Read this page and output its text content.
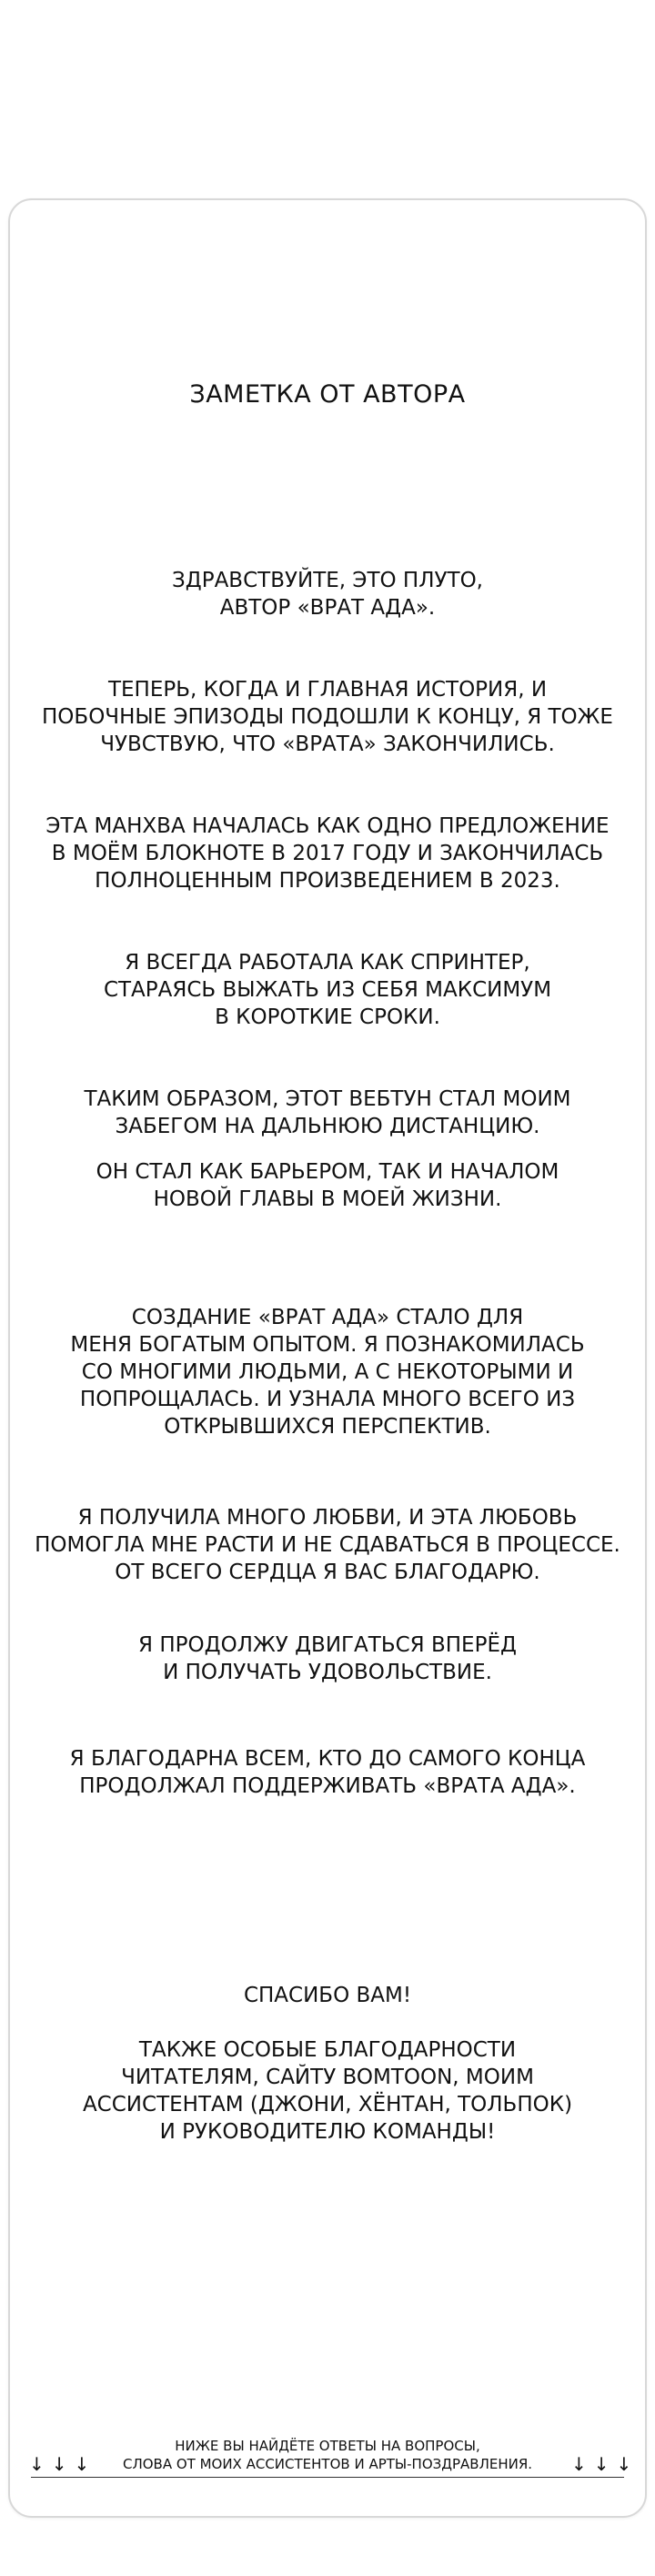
ЗАМЕТКА ОТ АВТОРА
ЗДРАВСТВУЙТЕ, ЭТО ПЛУТО,
АВТОР «ВРАТ АДА».
ТЕПЕРЬ, КОГДА И ГЛАВНАЯ ИСТОРИЯ, И
ПОБОЧНЫЕ ЭПИЗОДЫ ПОДОШЛИ К КОНЦУ, Я ТОЖЕ
ЧУВСТВУЮ, ЧТО «ВРАТА» ЗАКОНЧИЛИСЬ.
ЭТА МАНХВА НАЧАЛАСЬ КАК ОДНО ПРЕДЛОЖЕНИЕ
В МОЁМ БЛОКНОТЕ В 2017 ГОДУ И ЗАКОНЧИЛАСЬ
ПОЛНОЦЕННЫМ ПРОИЗВЕДЕНИЕМ В 2023.
Я ВСЕГДА РАБОТАЛА КАК СПРИНТЕР,
СТАРАЯСЬ ВЫЖАТЬ ИЗ СЕБЯ МАКСИМУМ
В КОРОТКИЕ СРОКИ.
ТАКИМ ОБРАЗОМ, ЭТОТ ВЕБТУН СТАЛ МОИМ
ЗАБЕГОМ НА ДАЛЬНЮЮ ДИСТАНЦИЮ.
ОН СТАЛ КАК БАРЬЕРОМ, ТАК И НАЧАЛОМ
НОВОЙ ГЛАВЫ В МОЕЙ ЖИЗНИ.
СОЗДАНИЕ «ВРАТ АДА» СТАЛО ДЛЯ
МЕНЯ БОГАТЫМ ОПЫТОМ. Я ПОЗНАКОМИЛАСЬ
СО МНОГИМИ ЛЮДЬМИ, А С НЕКОТОРЫМИ И
ПОПРОЩАЛАСЬ. И УЗНАЛА МНОГО ВСЕГО ИЗ
ОТКРЫВШИХСЯ ПЕРСПЕКТИВ.
Я ПОЛУЧИЛА МНОГО ЛЮБВИ, И ЭТА ЛЮБОВЬ
ПОМОГЛА МНЕ РАСТИ И НЕ СДАВАТЬСЯ В ПРОЦЕССЕ.
ОТ ВСЕГО СЕРДЦА Я ВАС БЛАГОДАРЮ.
Я ПРОДОЛЖУ ДВИГАТЬСЯ ВПЕРЁД
И ПОЛУЧАТЬ УДОВОЛЬСТВИЕ.
Я БЛАГОДАРНА ВСЕМ, КТО ДО САМОГО КОНЦА
ПРОДОЛЖАЛ ПОДДЕРЖИВАТЬ «ВРАТА АДА».
СПАСИБО ВАМ!
ТАКЖЕ ОСОБЫЕ БЛАГОДАРНОСТИ
ЧИТАТЕЛЯМ, САЙТУ BOMTOON, МОИМ
АССИСТЕНТАМ (ДЖОНИ, ХЁНТАН, ТОЛЬПОК)
И РУКОВОДИТЕЛЮ КОМАНДЫ!
↓↓↓
НИЖЕ ВЫ НАЙДЁТЕ ОТВЕТЫ НА ВОПРОСЫ,
СЛОВА ОТ МОИХ АССИСТЕНТОВ И АРТЫ-ПОЗДРАВЛЕНИЯ.	↓↓↓
